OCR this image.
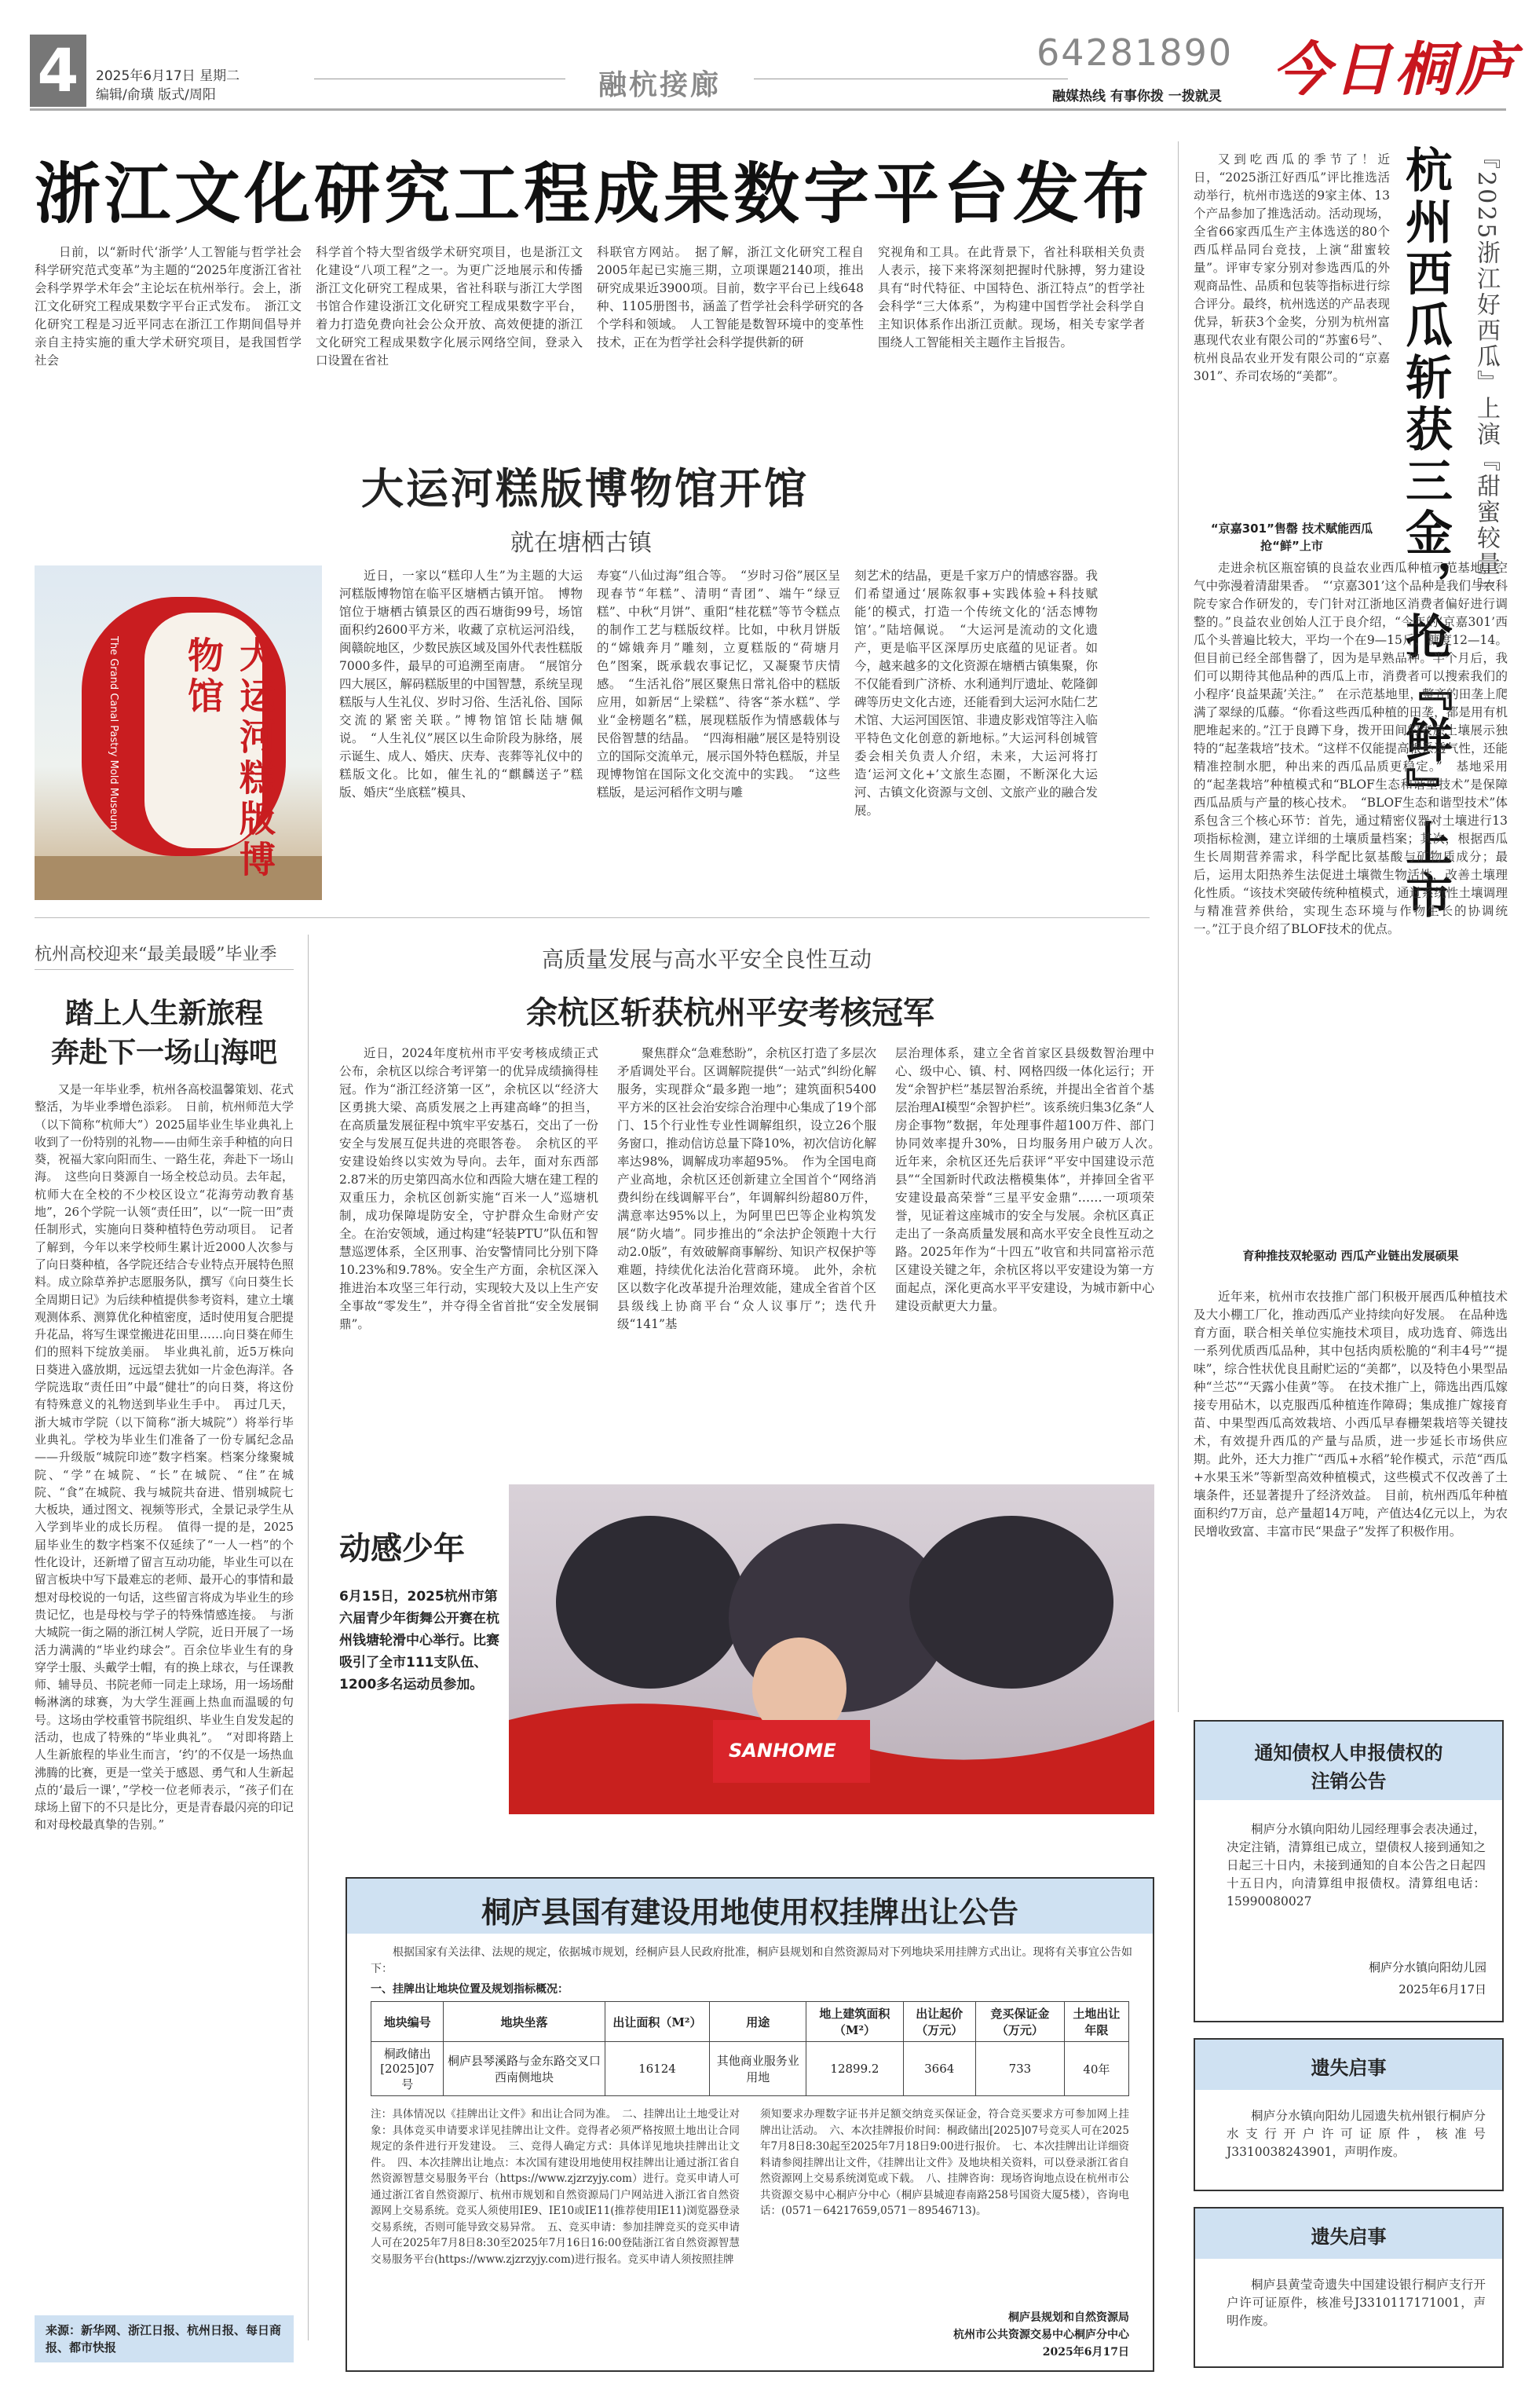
4	2025年6月17日 星期二
编辑/俞璜 版式/周阳	融杭接廊
64281890 今日桐庐
融媒热线 有事你拨 一拨就灵
浙江文化研究工程成果数字平台发布

日前，以“新时代‘浙学’人工智能与哲学社会科学研究范式变革”为主题的“2025年度浙江省社会科学界学术年会”主论坛在杭州举行。会上，浙江文化研究工程成果数字平台正式发布。　浙江文化研究工程是习近平同志在浙江工作期间倡导并亲自主持实施的重大学术研究项目，是我国哲学社会

科学首个特大型省级学术研究项目，也是浙江文化建设“八项工程”之一。为更广泛地展示和传播浙江文化研究工程成果，省社科联与浙江大学图书馆合作建设浙江文化研究工程成果数字平台，着力打造免费向社会公众开放、高效便捷的浙江文化研究工程成果数字化展示网络空间，登录入口设置在省社

科联官方网站。　据了解，浙江文化研究工程自2005年起已实施三期，立项课题2140项，推出研究成果近3900项。目前，数字平台已上线648种、1105册图书，涵盖了哲学社会科学研究的各个学科和领域。　人工智能是数智环境中的变革性技术，正在为哲学社会科学提供新的研

究视角和工具。在此背景下，省社科联相关负责人表示，接下来将深刻把握时代脉搏，努力建设具有“时代特征、中国特色、浙江特点”的哲学社会科学“三大体系”，为构建中国哲学社会科学自主知识体系作出浙江贡献。现场，相关专家学者围绕人工智能相关主题作主旨报告。	『2025浙江好西瓜』上演『甜蜜较量』
杭州西瓜斩获三金，抢『鲜』上市

又到吃西瓜的季节了！近日，“2025浙江好西瓜”评比推选活动举行，杭州市选送的9家主体、13个产品参加了推选活动。活动现场，全省66家西瓜生产主体选送的80个西瓜样品同台竞技，上演“甜蜜较量”。评审专家分别对参选西瓜的外观商品性、品质和包装等指标进行综合评分。最终，杭州选送的产品表现优异，斩获3个金奖，分别为杭州富惠现代农业有限公司的“苏蜜6号”、杭州良品农业开发有限公司的“京嘉301”、乔司农场的“美都”。

“京嘉301”售罄 技术赋能西瓜抢“鲜”上市

走进余杭区瓶窑镇的良益农业西瓜种植示范基地，空气中弥漫着清甜果香。　“‘京嘉301’这个品种是我们与农科院专家合作研发的，专门针对江浙地区消费者偏好进行调整的。”良益农业创始人江于良介绍，“今年的‘京嘉301’西瓜个头普遍比较大，平均一个在9—15斤，糖度12—14。但目前已经全部售罄了，因为是早熟品种。半个月后，我们可以期待其他品种的西瓜上市，消费者可以搜索我们的小程序‘良益果蔬’关注。”　在示范基地里，整齐的田垄上爬满了翠绿的瓜藤。“你看这些西瓜种植的田垄，都是用有机肥堆起来的。”江于良蹲下身，拨开田间的表层土壤展示独特的“起垄栽培”技术。“这样不仅能提高根系透气性，还能精准控制水肥，种出来的西瓜品质更稳定。”　基地采用的“起垄栽培”种植模式和“BLOF生态和谐型技术”是保障西瓜品质与产量的核心技术。　“BLOF生态和谐型技术”体系包含三个核心环节：首先，通过精密仪器对土壤进行13项指标检测，建立详细的土壤质量档案；其次，根据西瓜生长周期营养需求，科学配比氨基酸与矿物质成分；最后，运用太阳热养生法促进土壤微生物活性，改善土壤理化性质。“该技术突破传统种植模式，通过系统性土壤调理与精准营养供给，实现生态环境与作物生长的协调统一。”江于良介绍了BLOF技术的优点。

育种推技双轮驱动 西瓜产业链出发展硕果

近年来，杭州市农技推广部门积极开展西瓜种植技术及大小棚工厂化，推动西瓜产业持续向好发展。　在品种选育方面，联合相关单位实施技术项目，成功选育、筛选出一系列优质西瓜品种，其中包括肉质松脆的“利丰4号”“提味”，综合性状优良且耐贮运的“美都”，以及特色小果型品种“兰芯”“天露小佳黄”等。　在技术推广上，筛选出西瓜嫁接专用砧木，以克服西瓜种植连作障碍；集成推广嫁接育苗、中果型西瓜高效栽培、小西瓜早春栅架栽培等关键技术，有效提升西瓜的产量与品质，进一步延长市场供应期。此外，还大力推广“西瓜+水稻”轮作模式，示范“西瓜+水果玉米”等新型高效种植模式，这些模式不仅改善了土壤条件，还显著提升了经济效益。　目前，杭州西瓜年种植面积约7万亩，总产量超14万吨，产值达4亿元以上，为农民增收致富、丰富市民“果盘子”发挥了积极作用。

大运河糕版博物馆开馆
就在塘栖古镇
大运河糕版博物馆
The Grand Canal Pastry Mold Museum

近日，一家以“糕印人生”为主题的大运河糕版博物馆在临平区塘栖古镇开馆。　博物馆位于塘栖古镇景区的西石塘街99号，场馆面积约2600平方米，收藏了京杭运河沿线，闽赣皖地区，少数民族区域及国外代表性糕版7000多件，最早的可追溯至南唐。　“展馆分四大展区，解码糕版里的中国智慧，系统呈现糕版与人生礼仪、岁时习俗、生活礼俗、国际交流的紧密关联。”博物馆馆长陆塘佩说。　“人生礼仪”展区以生命阶段为脉络，展示诞生、成人、婚庆、庆寿、丧葬等礼仪中的糕版文化。比如，催生礼的“麒麟送子”糕版、婚庆“坐底糕”模具、

寿宴“八仙过海”组合等。　“岁时习俗”展区呈现春节“年糕”、清明“青团”、端午“绿豆糕”、中秋“月饼”、重阳“桂花糕”等节令糕点的制作工艺与糕版纹样。比如，中秋月饼版的“嫦娥奔月”雕刻，立夏糕版的“荷塘月色”图案，既承载农事记忆，又凝聚节庆情感。　“生活礼俗”展区聚焦日常礼俗中的糕版应用，如新居“上梁糕”、待客“茶水糕”、学业“金榜题名”糕，展现糕版作为情感载体与民俗智慧的结晶。　“四海相融”展区是特别设立的国际交流单元，展示国外特色糕版，并呈现博物馆在国际文化交流中的实践。　“这些糕版，是运河稻作文明与雕

刻艺术的结晶，更是千家万户的情感容器。我们希望通过‘展陈叙事+实践体验+科技赋能’的模式，打造一个传统文化的‘活态博物馆’。”陆培佩说。　“大运河是流动的文化遗产，更是临平区深厚历史底蕴的见证者。如今，越来越多的文化资源在塘栖古镇集聚，你不仅能看到广济桥、水利通判厅遗址、乾隆御碑等历史文化古迹，还能看到大运河水陆仁艺术馆、大运河国医馆、非遗皮影戏馆等注入临平特色文化创意的新地标。”大运河科创城管委会相关负责人介绍，未来，大运河将打造‘运河文化+’文旅生态圈，不断深化大运河、古镇文化资源与文创、文旅产业的融合发展。

杭州高校迎来“最美最暖”毕业季
踏上人生新旅程
奔赴下一场山海吧

又是一年毕业季，杭州各高校温馨策划、花式整活，为毕业季增色添彩。　日前，杭州师范大学（以下简称“杭师大”）2025届毕业生毕业典礼上收到了一份特别的礼物——由师生亲手种植的向日葵，祝福大家向阳而生、一路生花，奔赴下一场山海。　这些向日葵源自一场全校总动员。去年起，杭师大在全校的不少校区设立“花海劳动教育基地”，26个学院一认领“责任田”，以“一院一田”责任制形式，实施向日葵种植特色劳动项目。　记者了解到，今年以来学校师生累计近2000人次参与了向日葵种植，各学院还结合专业特点开展特色照料。成立除草养护志愿服务队，撰写《向日葵生长全周期日记》为后续种植提供参考资料，建立土壤观测体系、测算优化种植密度，适时使用复合肥提升花品，将写生课堂搬进花田里……向日葵在师生们的照料下绽放美丽。　毕业典礼前，近5万株向日葵进入盛放期，远远望去犹如一片金色海洋。各学院选取“责任田”中最“健壮”的向日葵，将这份有特殊意义的礼物送到毕业生手中。　再过几天，浙大城市学院（以下简称“浙大城院”）将举行毕业典礼。学校为毕业生们准备了一份专属纪念品——升级版“城院印迹”数字档案。档案分缘聚城院、“学”在城院、“长”在城院、“住”在城院、“食”在城院、我与城院共奋进、惜别城院七大板块，通过图文、视频等形式，全景记录学生从入学到毕业的成长历程。　值得一提的是，2025届毕业生的数字档案不仅延续了“一人一档”的个性化设计，还新增了留言互动功能，毕业生可以在留言板块中写下最难忘的老师、最开心的事情和最想对母校说的一句话，这些留言将成为毕业生的珍贵记忆，也是母校与学子的特殊情感连接。　与浙大城院一街之隔的浙江树人学院，近日开展了一场活力满满的“毕业约球会”。百余位毕业生有的身穿学士服、头戴学士帽，有的换上球衣，与任课教师、辅导员、书院老师一同走上球场，用一场场酣畅淋漓的球赛，为大学生涯画上热血而温暖的句号。这场由学校重管书院组织、毕业生自发发起的活动，也成了特殊的“毕业典礼”。　“对即将踏上人生新旅程的毕业生而言，‘约’的不仅是一场热血沸腾的比赛，更是一堂关于感恩、勇气和人生新起点的‘最后一课’，”学校一位老师表示，“孩子们在球场上留下的不只是比分，更是青春最闪亮的印记和对母校最真挚的告别。”

高质量发展与高水平安全良性互动
余杭区斩获杭州平安考核冠军

近日，2024年度杭州市平安考核成绩正式公布，余杭区以综合考评第一的优异成绩摘得桂冠。作为“浙江经济第一区”，余杭区以“经济大区勇挑大梁、高质发展之上再建高峰”的担当，在高质量发展征程中筑牢平安基石，交出了一份安全与发展互促共进的亮眼答卷。　余杭区的平安建设始终以实效为导向。去年，面对东西部2.87米的历史第四高水位和西险大塘在建工程的双重压力，余杭区创新实施“百米一人”巡塘机制，成功保障堤防安全，守护群众生命财产安全。在治安领域，通过构建“轻装PTU”队伍和智慧巡逻体系，全区刑事、治安警情同比分别下降10.23%和9.78%。安全生产方面，余杭区深入推进治本攻坚三年行动，实现较大及以上生产安全事故“零发生”，并夺得全省首批“安全发展铜鼎”。

聚焦群众“急难愁盼”，余杭区打造了多层次矛盾调处平台。区调解院提供“一站式”纠纷化解服务，实现群众“最多跑一地”；建筑面积5400平方米的区社会治安综合治理中心集成了19个部门、15个行业性专业性调解组织，设立26个服务窗口，推动信访总量下降10%，初次信访化解率达98%，调解成功率超95%。　作为全国电商产业高地，余杭区还创新建立全国首个“网络消费纠纷在线调解平台”，年调解纠纷超80万件，满意率达95%以上，为阿里巴巴等企业构筑发展“防火墙”。同步推出的“余法护企领跑十大行动2.0版”，有效破解商事解纷、知识产权保护等难题，持续优化法治化营商环境。　此外，余杭区以数字化改革提升治理效能，建成全省首个区县级线上协商平台“众人议事厅”；迭代升级“141”基

层治理体系，建立全省首家区县级数智治理中心、级中心、镇、村、网格四级一体化运行；开发“余智护栏”基层智治系统，并提出全省首个基层治理AI模型“余智护栏”。该系统归集3亿条“人房企事物”数据，年处理事件超100万件、部门协同效率提升30%，日均服务用户破万人次。　近年来，余杭区还先后获评“平安中国建设示范县”“全国新时代政法楷模集体”，并捧回全省平安建设最高荣誉“三星平安金鼎”……一项项荣誉，见证着这座城市的安全与发展。余杭区真正走出了一条高质量发展和高水平安全良性互动之路。2025年作为“十四五”收官和共同富裕示范区建设关键之年，余杭区将以平安建设为第一方面起点，深化更高水平平安建设，为城市新中心建设贡献更大力量。

动感少年
6月15日，2025杭州市第六届青少年街舞公开赛在杭州钱塘轮滑中心举行。比赛吸引了全市111支队伍、1200多名运动员参加。
SANHOME	通知债权人申报债权的
注销公告

桐庐分水镇向阳幼儿园经理事会表决通过，决定注销，清算组已成立，望债权人接到通知之日起三十日内，未接到通知的自本公告之日起四十五日内，向清算组申报债权。清算组电话：15990080027

桐庐分水镇向阳幼儿园
2025年6月17日
遗失启事

桐庐分水镇向阳幼儿园遗失杭州银行桐庐分水支行开户许可证原件，核准号J3310038243901，声明作废。

遗失启事

桐庐县黄莹奇遗失中国建设银行桐庐支行开户许可证原件，核准号J3310117171001，声明作废。

桐庐县国有建设用地使用权挂牌出让公告

根据国家有关法律、法规的规定，依据城市规划，经桐庐县人民政府批准，桐庐县规划和自然资源局对下列地块采用挂牌方式出让。现将有关事宜公告如下：

一、挂牌出让地块位置及规划指标概况：
地块编号	地块坐落	出让面积（M²）	用途	地上建筑面积（M²）	出让起价（万元）	竞买保证金（万元）	土地出让年限
桐政储出[2025]07号	桐庐县琴溪路与金东路交叉口西南侧地块	16124	其他商业服务业用地	12899.2	3664	733	40年

注：具体情况以《挂牌出让文件》和出让合同为准。　二、挂牌出让土地受让对象：具体竞买申请要求详见挂牌出让文件。竞得者必须严格按照土地出让合同规定的条件进行开发建设。　三、竞得人确定方式：具体详见地块挂牌出让文件。　四、本次挂牌出让地点：本次国有建设用地使用权挂牌出让通过浙江省自然资源智慧交易服务平台（https://www.zjzrzyjy.com）进行。竞买申请人可通过浙江省自然资源厅、杭州市规划和自然资源局门户网站进入浙江省自然资源网上交易系统。竞买人须使用IE9、IE10或IE11(推荐使用IE11)浏览器登录交易系统，否则可能导致交易异常。　五、竞买申请：参加挂牌竞买的竞买申请人可在2025年7月8日8:30至2025年7月16日16:00登陆浙江省自然资源智慧交易服务平台(https://www.zjzrzyjy.com)进行报名。竞买申请人须按照挂牌

须知要求办理数字证书并足额交纳竞买保证金，符合竞买要求方可参加网上挂牌出让活动。　六、本次挂牌报价时间：桐政储出[2025]07号竞买人可在2025年7月8日8:30起至2025年7月18日9:00进行报价。　七、本次挂牌出让详细资料请参阅挂牌出让文件，《挂牌出让文件》及地块相关资料，可以登录浙江省自然资源网上交易系统浏览或下载。　八、挂牌咨询：现场咨询地点设在杭州市公共资源交易中心桐庐分中心（桐庐县城迎春南路258号国资大厦5楼），咨询电话：(0571－64217659,0571－89546713)。

桐庐县规划和自然资源局
杭州市公共资源交易中心桐庐分中心
2025年6月17日
来源：新华网、浙江日报、杭州日报、每日商报、都市快报
